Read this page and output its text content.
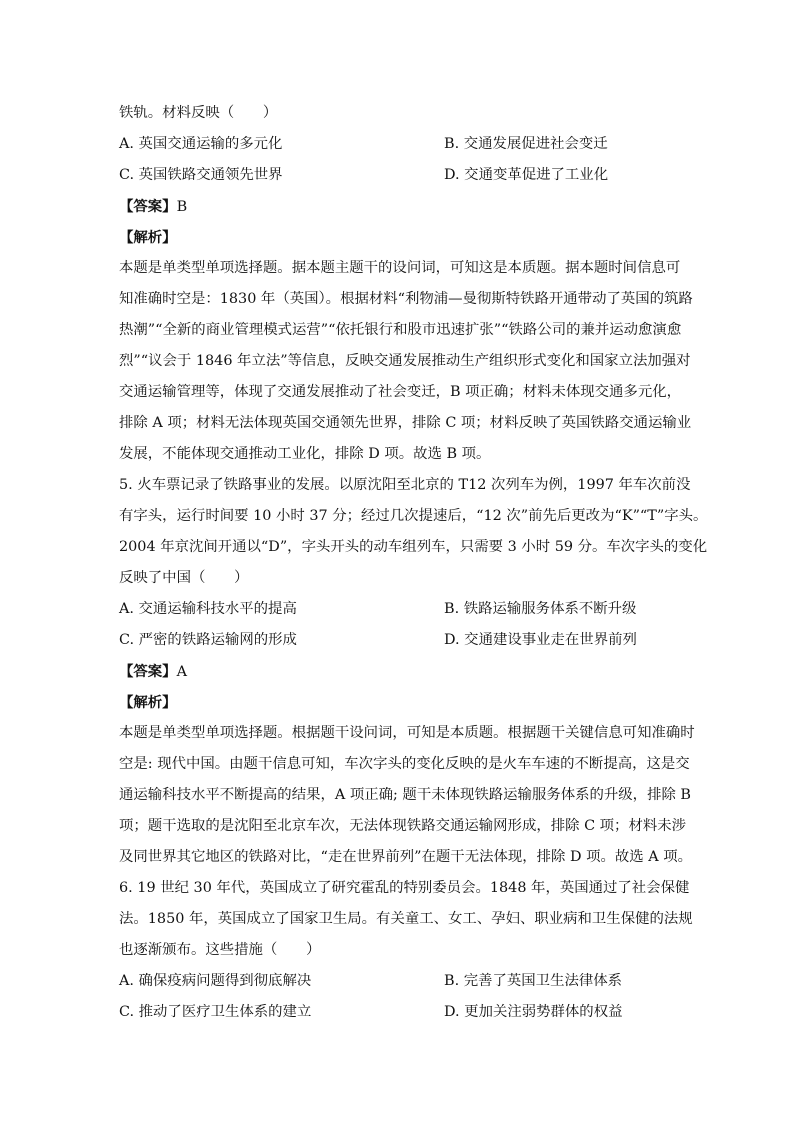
铁轨。材料反映（　　）
A. 英国交通运输的多元化	B. 交通发展促进社会变迁
C. 英国铁路交通领先世界	D. 交通变革促进了工业化
【答案】B
【解析】
本题是单类型单项选择题。据本题主题干的设问词，可知这是本质题。据本题时间信息可
知准确时空是：1830 年（英国）。根据材料“利物浦—曼彻斯特铁路开通带动了英国的筑路
热潮”“全新的商业管理模式运营”“依托银行和股市迅速扩张”“铁路公司的兼并运动愈演愈
烈”“议会于 1846 年立法”等信息，反映交通发展推动生产组织形式变化和国家立法加强对
交通运输管理等，体现了交通发展推动了社会变迁，B 项正确；材料未体现交通多元化，
排除 A 项；材料无法体现英国交通领先世界，排除 C 项；材料反映了英国铁路交通运输业
发展，不能体现交通推动工业化，排除 D 项。故选 B 项。
5. 火车票记录了铁路事业的发展。以原沈阳至北京的 T12 次列车为例，1997 年车次前没
有字头，运行时间要 10 小时 37 分；经过几次提速后，“12 次”前先后更改为“K”“T”字头。
2004 年京沈间开通以“D”，字头开头的动车组列车，只需要 3 小时 59 分。车次字头的变化
反映了中国（　　）
A. 交通运输科技水平的提高	B. 铁路运输服务体系不断升级
C. 严密的铁路运输网的形成	D. 交通建设事业走在世界前列
【答案】A
【解析】
本题是单类型单项选择题。根据题干设问词，可知是本质题。根据题干关键信息可知准确时
空是: 现代中国。由题干信息可知，车次字头的变化反映的是火车车速的不断提高，这是交
通运输科技水平不断提高的结果，A 项正确; 题干未体现铁路运输服务体系的升级，排除 B
项；题干选取的是沈阳至北京车次，无法体现铁路交通运输网形成，排除 C 项；材料未涉
及同世界其它地区的铁路对比，“走在世界前列”在题干无法体现，排除 D 项。故选 A 项。
6. 19 世纪 30 年代，英国成立了研究霍乱的特别委员会。1848 年，英国通过了社会保健
法。1850 年，英国成立了国家卫生局。有关童工、女工、孕妇、职业病和卫生保健的法规
也逐渐颁布。这些措施（　　）
A. 确保疫病问题得到彻底解决	B. 完善了英国卫生法律体系
C. 推动了医疗卫生体系的建立	D. 更加关注弱势群体的权益
